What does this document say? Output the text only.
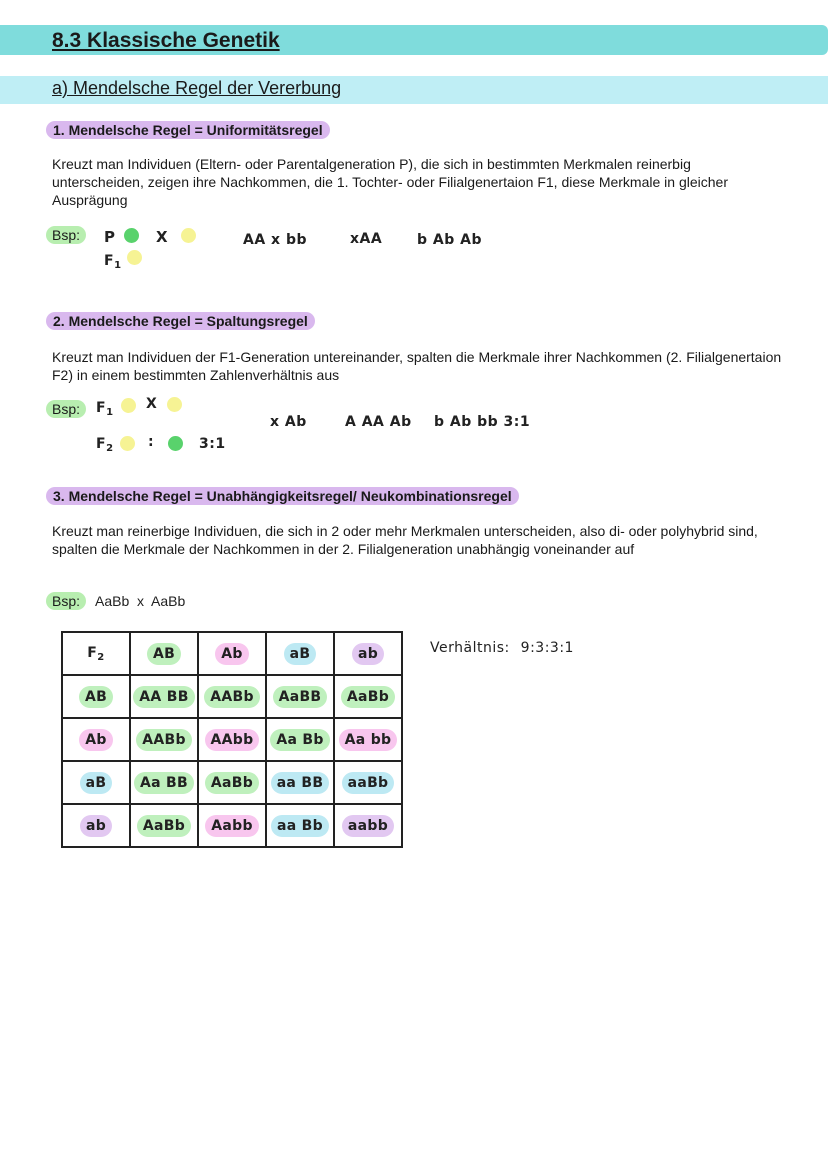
8.3 Klassische Genetik
a) Mendelsche Regel der Vererbung
1. Mendelsche Regel = Uniformitätsregel
Kreuzt man Individuen (Eltern- oder Parentalgeneration P), die sich in bestimmten Merkmalen reinerbig unterscheiden, zeigen ihre Nachkommen, die 1. Tochter- oder Filialgenertaion F1, diese Merkmale in gleicher Ausprägung
Bsp:	P	X
$F_1$
AA x bb	xAA b Ab Ab
2. Mendelsche Regel = Spaltungsregel
Kreuzt man Individuen der F1-Generation untereinander, spalten die Merkmale ihrer Nachkommen (2. Filialgenertaion F2) in einem bestimmten Zahlenverhältnis aus
Bsp:	$F_1$
X
$F_2$ :	3:1
x Ab	A AA Ab b Ab bb 3:1
3. Mendelsche Regel = Unabhängigkeitsregel/ Neukombinationsregel
Kreuzt man reinerbige Individuen, die sich in 2 oder mehr Merkmalen unterscheiden, also di- oder polyhybrid sind, spalten die Merkmale der Nachkommen in der 2. Filialgeneration unabhängig voneinander auf
Bsp:	AaBb  x  AaBb
$F_2$	AB	Ab	aB	ab
AB	AA BB	AABb	AaBB	AaBb
Ab	AABb	AAbb	Aa Bb	Aa bb
aB	Aa BB	AaBb	aa BB	aaBb
ab	AaBb	Aabb	aa Bb	aabb
Verhältnis: 9:3:3:1
